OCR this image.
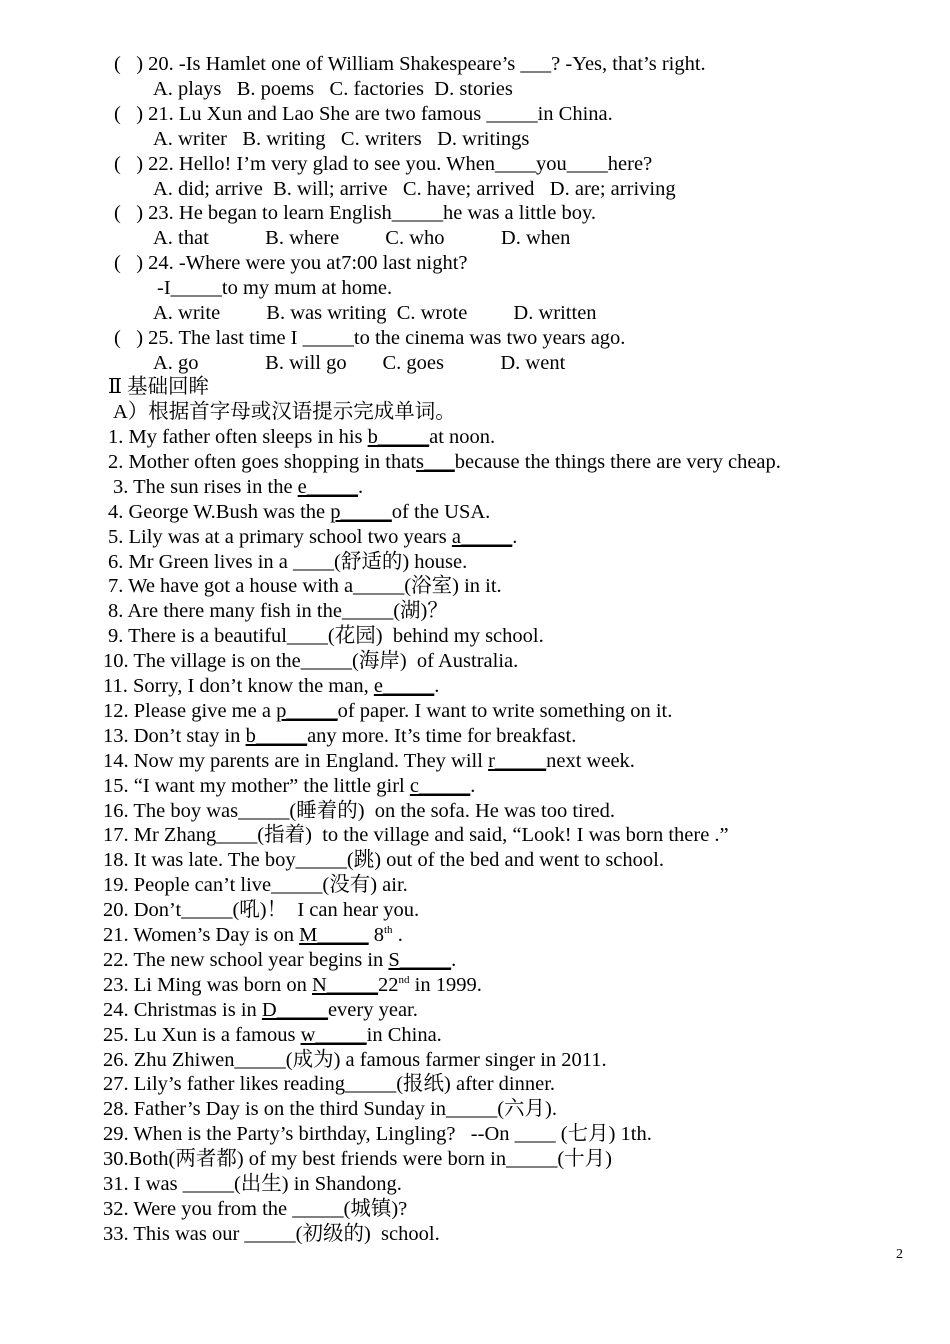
(   ) 20. -Is Hamlet one of William Shakespeare’s ___? -Yes, that’s right.
A. plays   B. poems   C. factories  D. stories
(   ) 21. Lu Xun and Lao She are two famous _____in China.
A. writer   B. writing   C. writers   D. writings
(   ) 22. Hello! I’m very glad to see you. When____you____here?
A. did; arrive  B. will; arrive   C. have; arrived   D. are; arriving
(   ) 23. He began to learn English_____he was a little boy.
A. that           B. where         C. who           D. when
(   ) 24. -Where were you at7:00 last night?
-I_____to my mum at home.
A. write         B. was writing  C. wrote         D. written
(   ) 25. The last time I _____to the cinema was two years ago.
A. go             B. will go       C. goes           D. went
Ⅱ 基础回眸
A）根据首字母或汉语提示完成单词。
1. My father often sleeps in his b_____at noon.
2. Mother often goes shopping in thats___because the things there are very cheap.
3. The sun rises in the e_____.
4. George W.Bush was the p_____of the USA.
5. Lily was at a primary school two years a_____.
6. Mr Green lives in a ____(舒适的) house.
7. We have got a house with a_____(浴室) in it.
8. Are there many fish in the_____(湖)？
9. There is a beautiful____(花园)  behind my school.
10. The village is on the_____(海岸)  of Australia.
11. Sorry, I don’t know the man, e_____.
12. Please give me a p_____of paper. I want to write something on it.
13. Don’t stay in b_____any more. It’s time for breakfast.
14. Now my parents are in England. They will r_____next week.
15. “I want my mother” the little girl c_____.
16. The boy was_____(睡着的)  on the sofa. He was too tired.
17. Mr Zhang____(指着)  to the village and said, “Look! I was born there .”
18. It was late. The boy_____(跳) out of the bed and went to school.
19. People can’t live_____(没有) air.
20. Don’t_____(吼)！  I can hear you.
21. Women’s Day is on M_____ 8th .
22. The new school year begins in S_____.
23. Li Ming was born on N_____22nd in 1999.
24. Christmas is in D_____every year.
25. Lu Xun is a famous w_____in China.
26. Zhu Zhiwen_____(成为) a famous farmer singer in 2011.
27. Lily’s father likes reading_____(报纸) after dinner.
28. Father’s Day is on the third Sunday in_____(六月).
29. When is the Party’s birthday, Lingling?   --On ____ (七月) 1th.
30.Both(两者都) of my best friends were born in_____(十月)
31. I was _____(出生) in Shandong.
32. Were you from the _____(城镇)?
33. This was our _____(初级的)  school.
2
